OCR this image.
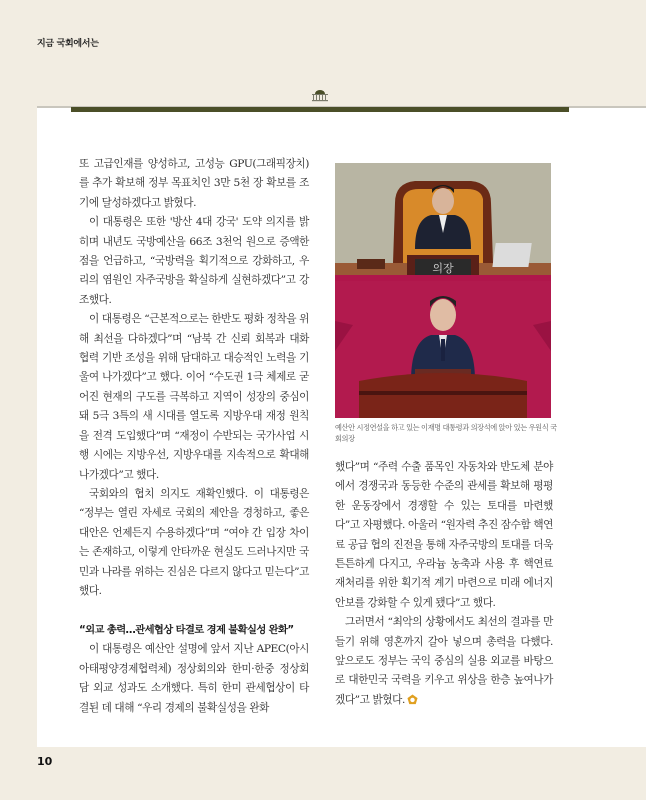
지금 국회에서는

또 고급인재를 양성하고, 고성능 GPU(그래픽장치)를 추가 확보해 정부 목표치인 3만 5천 장 확보를 조기에 달성하겠다고 밝혔다.

이 대통령은 또한 '방산 4대 강국' 도약 의지를 밝히며 내년도 국방예산을 66조 3천억 원으로 증액한 점을 언급하고, “국방력을 획기적으로 강화하고, 우리의 염원인 자주국방을 확실하게 실현하겠다”고 강조했다.

이 대통령은 “근본적으로는 한반도 평화 정착을 위해 최선을 다하겠다”며 “남북 간 신뢰 회복과 대화 협력 기반 조성을 위해 담대하고 대승적인 노력을 기울여 나가겠다”고 했다. 이어 “수도권 1극 체제로 굳어진 현재의 구도를 극복하고 지역이 성장의 중심이 돼 5극 3특의 새 시대를 열도록 지방우대 재정 원칙을 전격 도입했다”며 “재정이 수반되는 국가사업 시행 시에는 지방우선, 지방우대를 지속적으로 확대해 나가겠다”고 했다.

국회와의 협치 의지도 재확인했다. 이 대통령은 “정부는 열린 자세로 국회의 제안을 경청하고, 좋은 대안은 언제든지 수용하겠다”며 “여야 간 입장 차이는 존재하고, 이렇게 안타까운 현실도 드러나지만 국민과 나라를 위하는 진심은 다르지 않다고 믿는다”고 했다.

“외교 총력…관세협상 타결로 경제 불확실성 완화”

이 대통령은 예산안 설명에 앞서 지난 APEC(아시아태평양경제협력체) 정상회의와 한미·한중 정상회담 외교 성과도 소개했다. 특히 한미 관세협상이 타결된 데 대해 “우리 경제의 불확실성을 완화

의장
예산안 시정연설을 하고 있는 이재명 대통령과 의장석에 앉아 있는 우원식 국회의장

했다”며 “주력 수출 품목인 자동차와 반도체 분야에서 경쟁국과 동등한 수준의 관세를 확보해 평평한 운동장에서 경쟁할 수 있는 토대를 마련했다”고 자평했다. 아울러 “원자력 추진 잠수함 핵연료 공급 협의 진전을 통해 자주국방의 토대를 더욱 튼튼하게 다지고, 우라늄 농축과 사용 후 핵연료 재처리를 위한 획기적 계기 마련으로 미래 에너지 안보를 강화할 수 있게 됐다”고 했다.

그러면서 “최악의 상황에서도 최선의 결과를 만들기 위해 영혼까지 갈아 넣으며 총력을 다했다. 앞으로도 정부는 국익 중심의 실용 외교를 바탕으로 대한민국 국력을 키우고 위상을 한층 높여나가겠다”고 밝혔다.

10
